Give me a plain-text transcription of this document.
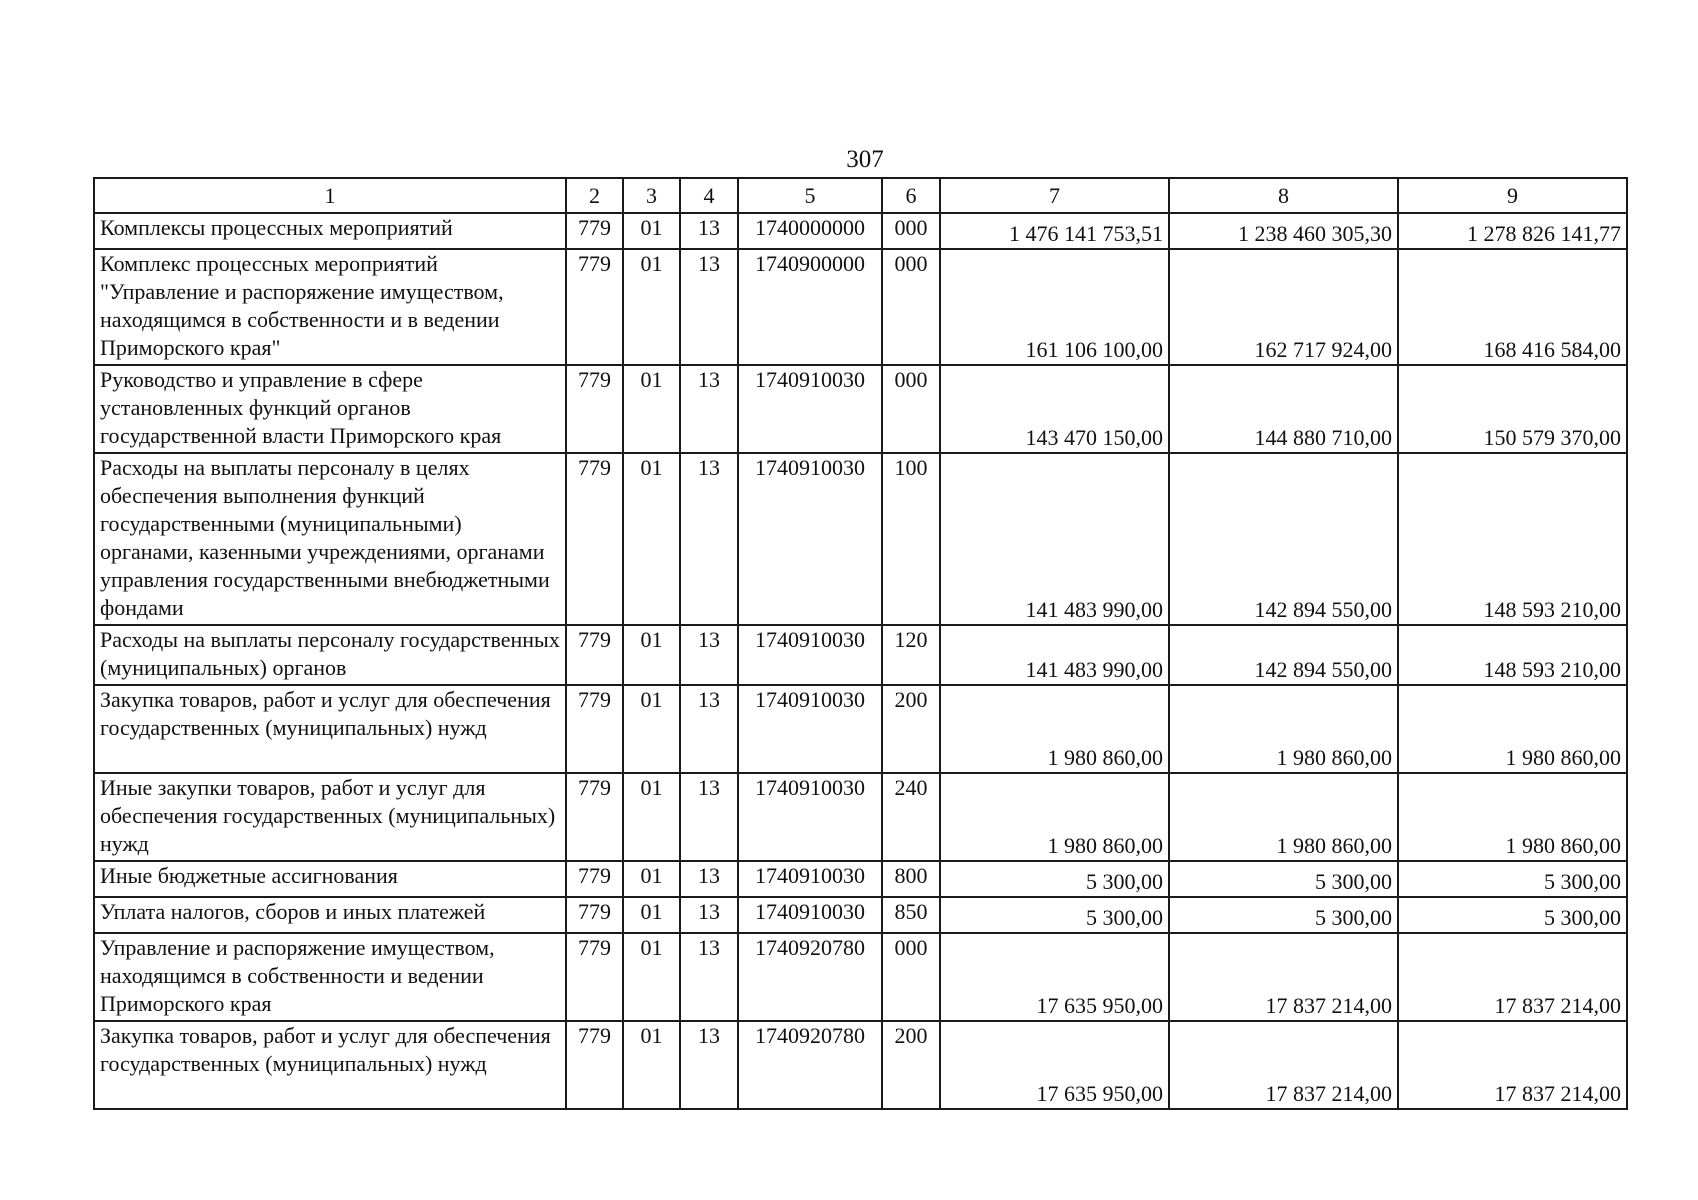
307
1	2	3	4	5	6	7	8	9
Комплексы процессных мероприятий	779	01	13	1740000000	000	1 476 141 753,51	1 238 460 305,30	1 278 826 141,77
Комплекс процессных мероприятий "Управление и распоряжение имуществом, находящимся в собственности и в ведении Приморского края"	779	01	13	1740900000	000	161 106 100,00	162 717 924,00	168 416 584,00
Руководство и управление в сфере установленных функций органов государственной власти Приморского края	779	01	13	1740910030	000	143 470 150,00	144 880 710,00	150 579 370,00
Расходы на выплаты персоналу в целях обеспечения выполнения функций государственными (муниципальными) органами, казенными учреждениями, органами управления государственными внебюджетными фондами	779	01	13	1740910030	100	141 483 990,00	142 894 550,00	148 593 210,00
Расходы на выплаты персоналу государственных (муниципальных) органов	779	01	13	1740910030	120	141 483 990,00	142 894 550,00	148 593 210,00
Закупка товаров, работ и услуг для обеспечения государственных (муниципальных) нужд	779	01	13	1740910030	200	1 980 860,00	1 980 860,00	1 980 860,00
Иные закупки товаров, работ и услуг для обеспечения государственных (муниципальных) нужд	779	01	13	1740910030	240	1 980 860,00	1 980 860,00	1 980 860,00
Иные бюджетные ассигнования	779	01	13	1740910030	800	5 300,00	5 300,00	5 300,00
Уплата налогов, сборов и иных платежей	779	01	13	1740910030	850	5 300,00	5 300,00	5 300,00
Управление и распоряжение имуществом, находящимся в собственности и ведении Приморского края	779	01	13	1740920780	000	17 635 950,00	17 837 214,00	17 837 214,00
Закупка товаров, работ и услуг для обеспечения государственных (муниципальных) нужд	779	01	13	1740920780	200	17 635 950,00	17 837 214,00	17 837 214,00
